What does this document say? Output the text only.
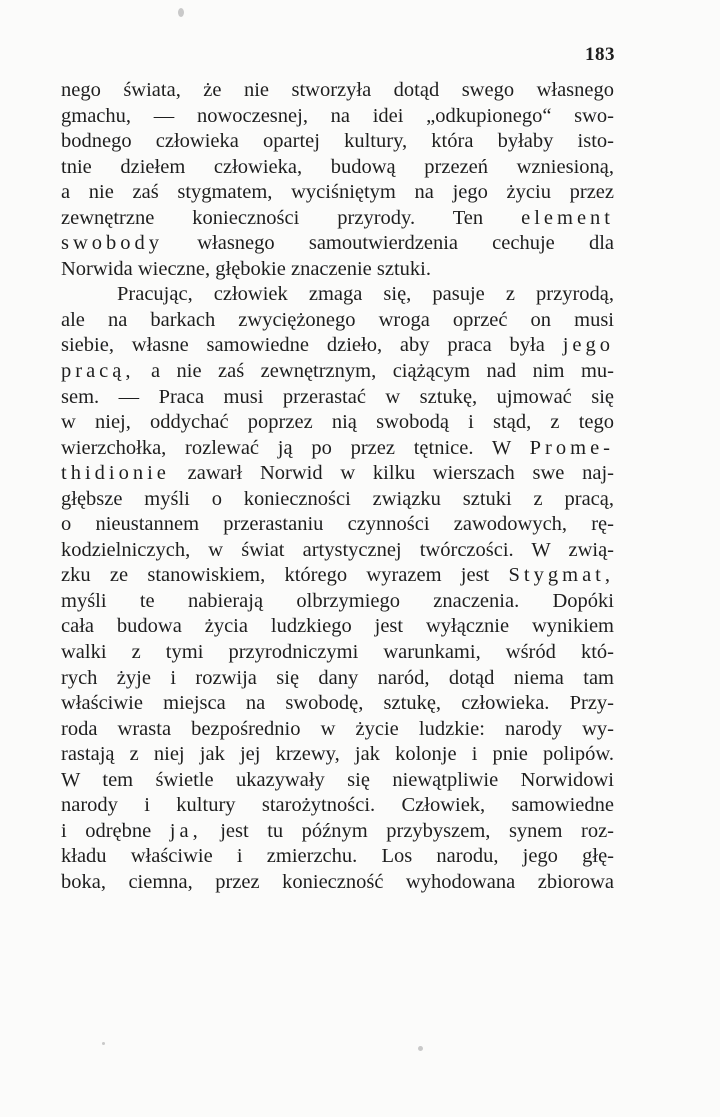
183
nego świata, że nie stworzyła dotąd swego własnego
gmachu, — nowoczesnej, na idei „odkupionego“ swo-
bodnego człowieka opartej kultury, która byłaby isto-
tnie dziełem człowieka, budową przezeń wzniesioną,
a nie zaś stygmatem, wyciśniętym na jego życiu przez
zewnętrzne konieczności przyrody. Ten element
swobody własnego samoutwierdzenia cechuje dla
Norwida wieczne, głębokie znaczenie sztuki.
Pracując, człowiek zmaga się, pasuje z przyrodą,
ale na barkach zwyciężonego wroga oprzeć on musi
siebie, własne samowiedne dzieło, aby praca była jego
pracą, a nie zaś zewnętrznym, ciążącym nad nim mu-
sem. — Praca musi przerastać w sztukę, ujmować się
w niej, oddychać poprzez nią swobodą i stąd, z tego
wierzchołka, rozlewać ją po przez tętnice. W Prome-
thidionie zawarł Norwid w kilku wierszach swe naj-
głębsze myśli o konieczności związku sztuki z pracą,
o nieustannem przerastaniu czynności zawodowych, rę-
kodzielniczych, w świat artystycznej twórczości. W zwią-
zku ze stanowiskiem, którego wyrazem jest Stygmat,
myśli te nabierają olbrzymiego znaczenia. Dopóki
cała budowa życia ludzkiego jest wyłącznie wynikiem
walki z tymi przyrodniczymi warunkami, wśród któ-
rych żyje i rozwija się dany naród, dotąd niema tam
właściwie miejsca na swobodę, sztukę, człowieka. Przy-
roda wrasta bezpośrednio w życie ludzkie: narody wy-
rastają z niej jak jej krzewy, jak kolonje i pnie polipów.
W tem świetle ukazywały się niewątpliwie Norwidowi
narody i kultury starożytności. Człowiek, samowiedne
i odrębne ja, jest tu późnym przybyszem, synem roz-
kładu właściwie i zmierzchu. Los narodu, jego głę-
boka, ciemna, przez konieczność wyhodowana zbiorowa
